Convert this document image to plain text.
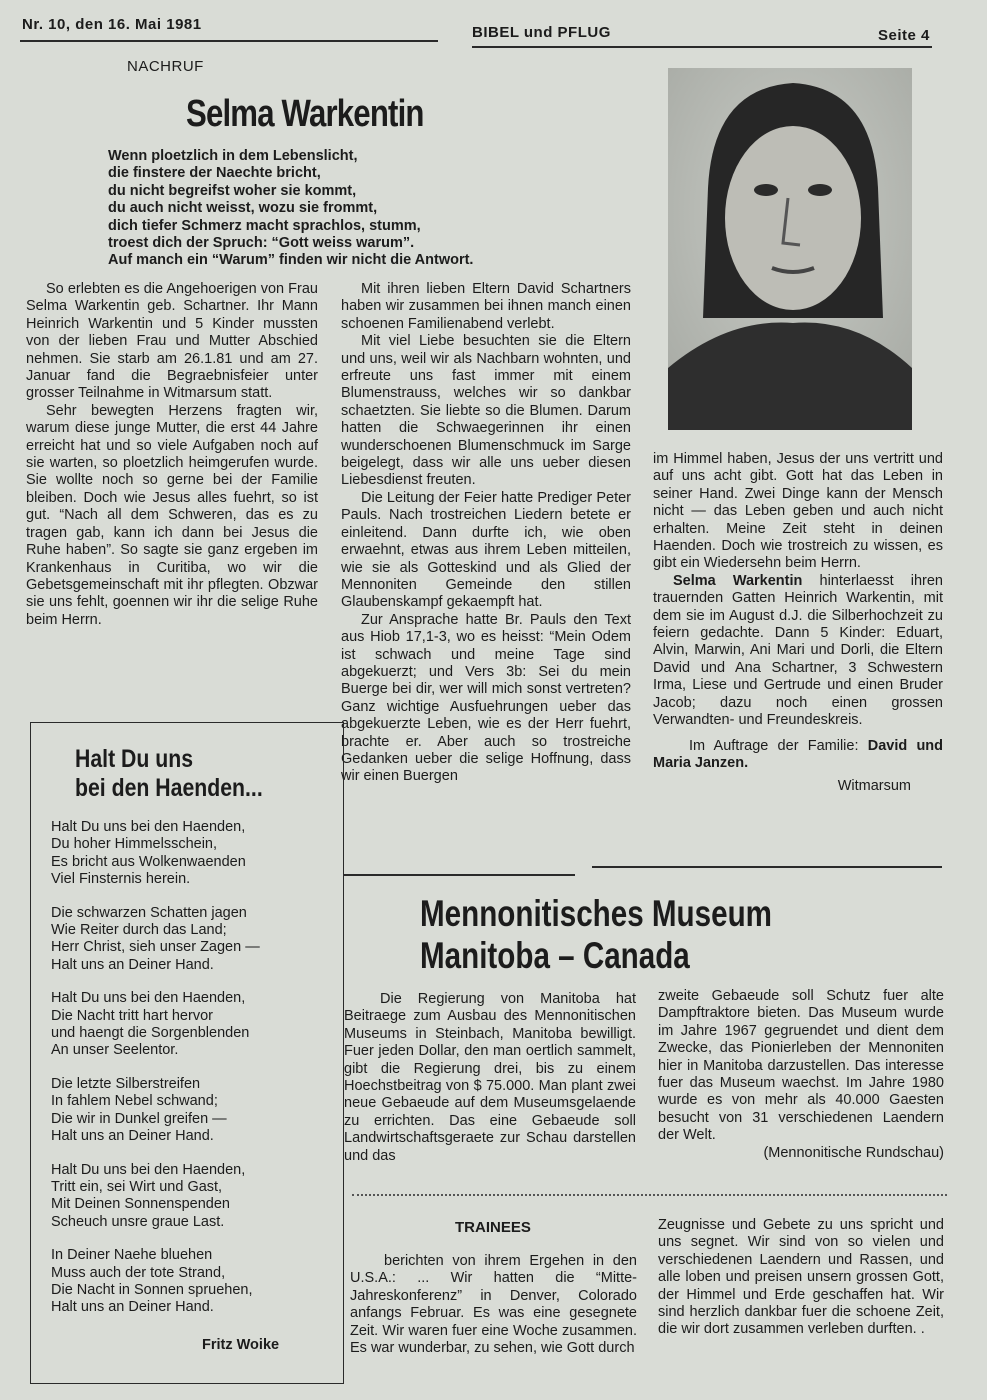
Nr. 10, den 16. Mai 1981	BIBEL und PFLUG	Seite 4
NACHRUF
Selma Warkentin
Wenn ploetzlich in dem Lebenslicht,
die finstere der Naechte bricht,
du nicht begreifst woher sie kommt,
du auch nicht weisst, wozu sie frommt,
dich tiefer Schmerz macht sprachlos, stumm,
troest dich der Spruch: “Gott weiss warum”.
Auf manch ein “Warum” finden wir nicht die Antwort.

So erlebten es die Angehoerigen von Frau Selma Warkentin geb. Schartner. Ihr Mann Heinrich Warkentin und 5 Kinder mussten von der lieben Frau und Mutter Abschied nehmen. Sie starb am 26.1.81 und am 27. Januar fand die Begraebnisfeier unter grosser Teilnahme in Witmarsum statt.

Sehr bewegten Herzens fragten wir, warum diese junge Mutter, die erst 44 Jahre erreicht hat und so viele Aufgaben noch auf sie warten, so ploetzlich heimgerufen wurde. Sie wollte noch so gerne bei der Familie bleiben. Doch wie Jesus alles fuehrt, so ist gut. “Nach all dem Schweren, das es zu tragen gab, kann ich dann bei Jesus die Ruhe haben”. So sagte sie ganz ergeben im Krankenhaus in Curitiba, wo wir die Gebetsgemeinschaft mit ihr pflegten. Obzwar sie uns fehlt, goennen wir ihr die selige Ruhe beim Herrn.

Mit ihren lieben Eltern David Schartners haben wir zusammen bei ihnen manch einen schoenen Familienabend verlebt.

Mit viel Liebe besuchten sie die Eltern und uns, weil wir als Nachbarn wohnten, und erfreute uns fast immer mit einem Blumenstrauss, welches wir so dankbar schaetzten. Sie liebte so die Blumen. Darum hatten die Schwaegerinnen ihr einen wunderschoenen Blumenschmuck im Sarge beigelegt, dass wir alle uns ueber diesen Liebesdienst freuten.

Die Leitung der Feier hatte Prediger Peter Pauls. Nach trostreichen Liedern betete er einleitend. Dann durfte ich, wie oben erwaehnt, etwas aus ihrem Leben mitteilen, wie sie als Gotteskind und als Glied der Mennoniten Gemeinde den stillen Glaubenskampf gekaempft hat.

Zur Ansprache hatte Br. Pauls den Text aus Hiob 17,1-3, wo es heisst: “Mein Odem ist schwach und meine Tage sind abgekuerzt; und Vers 3b: Sei du mein Buerge bei dir, wer will mich sonst vertreten? Ganz wichtige Ausfuehrungen ueber das abgekuerzte Leben, wie es der Herr fuehrt, brachte er. Aber auch so trostreiche Gedanken ueber die selige Hoffnung, dass wir einen Buergen

im Himmel haben, Jesus der uns vertritt und auf uns acht gibt. Gott hat das Leben in seiner Hand. Zwei Dinge kann der Mensch nicht — das Leben geben und auch nicht erhalten. Meine Zeit steht in deinen Haenden. Doch wie trostreich zu wissen, es gibt ein Wiedersehn beim Herrn.

Selma Warkentin hinterlaesst ihren trauernden Gatten Heinrich Warkentin, mit dem sie im August d.J. die Silberhochzeit zu feiern gedachte. Dann 5 Kinder: Eduart, Alvin, Marwin, Ani Mari und Dorli, die Eltern David und Ana Schartner, 3 Schwestern Irma, Liese und Gertrude und einen Bruder Jacob; dazu noch einen grossen Verwandten- und Freundeskreis.

Im Auftrage der Familie: David und Maria Janzen.

Witmarsum
Halt Du uns
bei den Haenden...
Halt Du uns bei den Haenden,
Du hoher Himmelsschein,
Es bricht aus Wolkenwaenden
Viel Finsternis herein.
Die schwarzen Schatten jagen
Wie Reiter durch das Land;
Herr Christ, sieh unser Zagen —
Halt uns an Deiner Hand.
Halt Du uns bei den Haenden,
Die Nacht tritt hart hervor
und haengt die Sorgenblenden
An unser Seelentor.
Die letzte Silberstreifen
In fahlem Nebel schwand;
Die wir in Dunkel greifen —
Halt uns an Deiner Hand.
Halt Du uns bei den Haenden,
Tritt ein, sei Wirt und Gast,
Mit Deinen Sonnenspenden
Scheuch unsre graue Last.
In Deiner Naehe bluehen
Muss auch der tote Strand,
Die Nacht in Sonnen spruehen,
Halt uns an Deiner Hand.
Fritz Woike
Mennonitisches Museum
Manitoba – Canada

Die Regierung von Manitoba hat Beitraege zum Ausbau des Mennonitischen Museums in Steinbach, Manitoba bewilligt. Fuer jeden Dollar, den man oertlich sammelt, gibt die Regierung drei, bis zu einem Hoechstbeitrag von $ 75.000. Man plant zwei neue Gebaeude auf dem Museumsgelaende zu errichten. Das eine Gebaeude soll Landwirtschaftsgeraete zur Schau darstellen und das

zweite Gebaeude soll Schutz fuer alte Dampftraktore bieten. Das Museum wurde im Jahre 1967 gegruendet und dient dem Zwecke, das Pionierleben der Mennoniten hier in Manitoba darzustellen. Das interesse fuer das Museum waechst. Im Jahre 1980 wurde es von mehr als 40.000 Gaesten besucht von 31 verschiedenen Laendern der Welt.

(Mennonitische Rundschau)
TRAINEES

berichten von ihrem Ergehen in den U.S.A.: ... Wir hatten die “Mitte-Jahreskonferenz” in Denver, Colorado anfangs Februar. Es was eine gesegnete Zeit. Wir waren fuer eine Woche zusammen. Es war wunderbar, zu sehen, wie Gott durch

Zeugnisse und Gebete zu uns spricht und uns segnet. Wir sind von so vielen und verschiedenen Laendern und Rassen, und alle loben und preisen unsern grossen Gott, der Himmel und Erde geschaffen hat. Wir sind herzlich dankbar fuer die schoene Zeit, die wir dort zusammen verleben durften. .
